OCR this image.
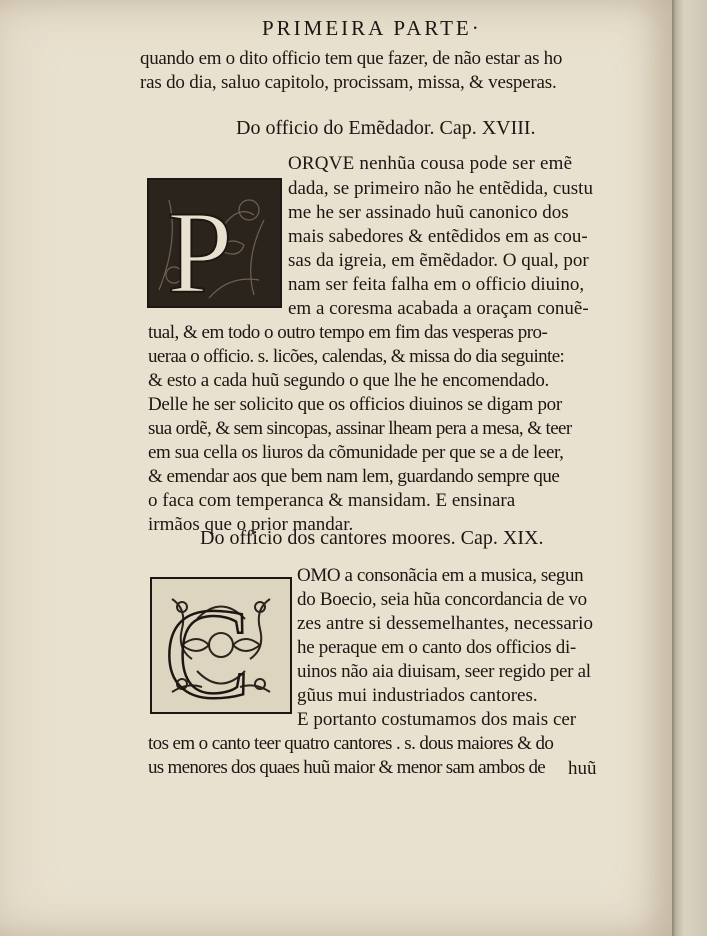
PRIMEIRA PARTE·
quando em o dito officio tem que fazer, de não estar as ho
ras do dia, saluo capitolo, procissam, missa, & vesperas.
Do officio do Emẽdador. Cap. XVIII.
P
ORQVE nenhũa cousa pode ser emẽ
dada, se primeiro não he entẽdida, custu
me he ser assinado huũ canonico dos
mais sabedores & entẽdidos em as cou-
sas da igreia, em ẽmẽdador. O qual, por
nam ser feita falha em o officio diuino,
em a coresma acabada a oraçam conuẽ-
tual, & em todo o outro tempo em fim das vesperas pro-
ueraa o officio. s. licões, calendas, & missa do dia seguinte:
& esto a cada huũ segundo o que lhe he encomendado.
Delle he ser solicito que os officios diuinos se digam por
sua ordẽ, & sem sincopas, assinar lheam pera a mesa, & teer
em sua cella os liuros da cõmunidade per que se a de leer,
& emendar aos que bem nam lem, guardando sempre que
o faca com temperanca & mansidam. E ensinara
irmãos que o prior mandar.
Do officio dos cantores moores. Cap. XIX.
C
OMO a consonãcia em a musica, segun
do Boecio, seia hũa concordancia de vo
zes antre si dessemelhantes, necessario
he peraque em o canto dos officios di-
uinos não aia diuisam, seer regido per al
gũus mui industriados cantores.
E portanto costumamos dos mais cer
tos em o canto teer quatro cantores . s. dous maiores & do
us menores dos quaes huũ maior & menor sam ambos de	huũ
